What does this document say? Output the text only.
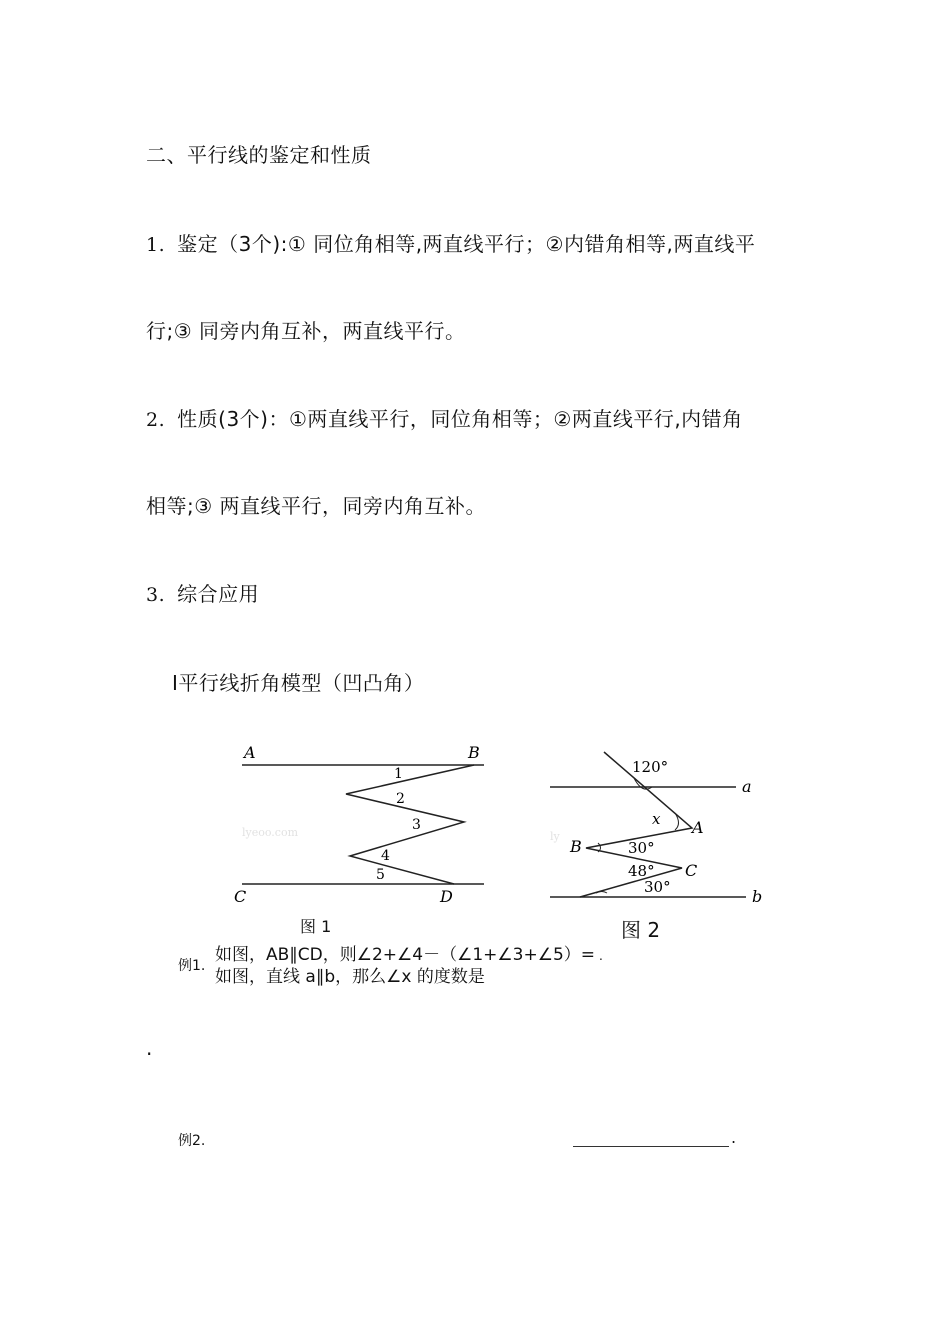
二、平行线的鉴定和性质
1. 鉴定（3个):① 同位角相等,两直线平行；②内错角相等,两直线平
行;③ 同旁内角互补，两直线平行。
2. 性质(3个)：①两直线平行，同位角相等；②两直线平行,内错角
相等;③ 两直线平行，同旁内角互补。
3. 综合应用
Ⅰ平行线折角模型（凹凸角）
lyeoo.com
A	B
C	D
1
2
3
4
5
图 1
ly
120°
a
x A
B	30°
48° C
30°	b
图 2
例1.
如图，AB∥CD，则∠2+∠4－（∠1+∠3+∠5）= .
如图，直线 a∥b，那么∠x 的度数是
.
例2.	.
